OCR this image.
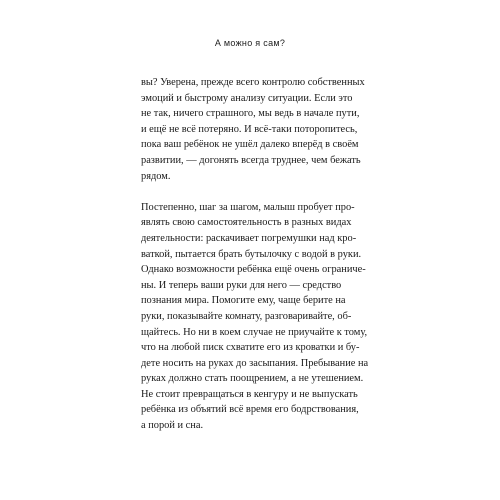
А можно я сам?

вы? Уверена, прежде всего контролю собственных
эмоций и быстрому анализу ситуации. Если это
не так, ничего страшного, мы ведь в начале пути,
и ещё не всё потеряно. И всё-таки поторопитесь,
пока ваш ребёнок не ушёл далеко вперёд в своём
развитии, — догонять всегда труднее, чем бежать
рядом.

Постепенно, шаг за шагом, малыш пробует про-
являть свою самостоятельность в разных видах
деятельности: раскачивает погремушки над кро-
ваткой, пытается брать бутылочку с водой в руки.
Однако возможности ребёнка ещё очень ограниче-
ны. И теперь ваши руки для него — средство
познания мира. Помогите ему, чаще берите на
руки, показывайте комнату, разговаривайте, об-
щайтесь. Но ни в коем случае не приучайте к тому,
что на любой писк схватите его из кроватки и бу-
дете носить на руках до засыпания. Пребывание на
руках должно стать поощрением, а не утешением.
Не стоит превращаться в кенгуру и не выпускать
ребёнка из объятий всё время его бодрствования,
а порой и сна.
